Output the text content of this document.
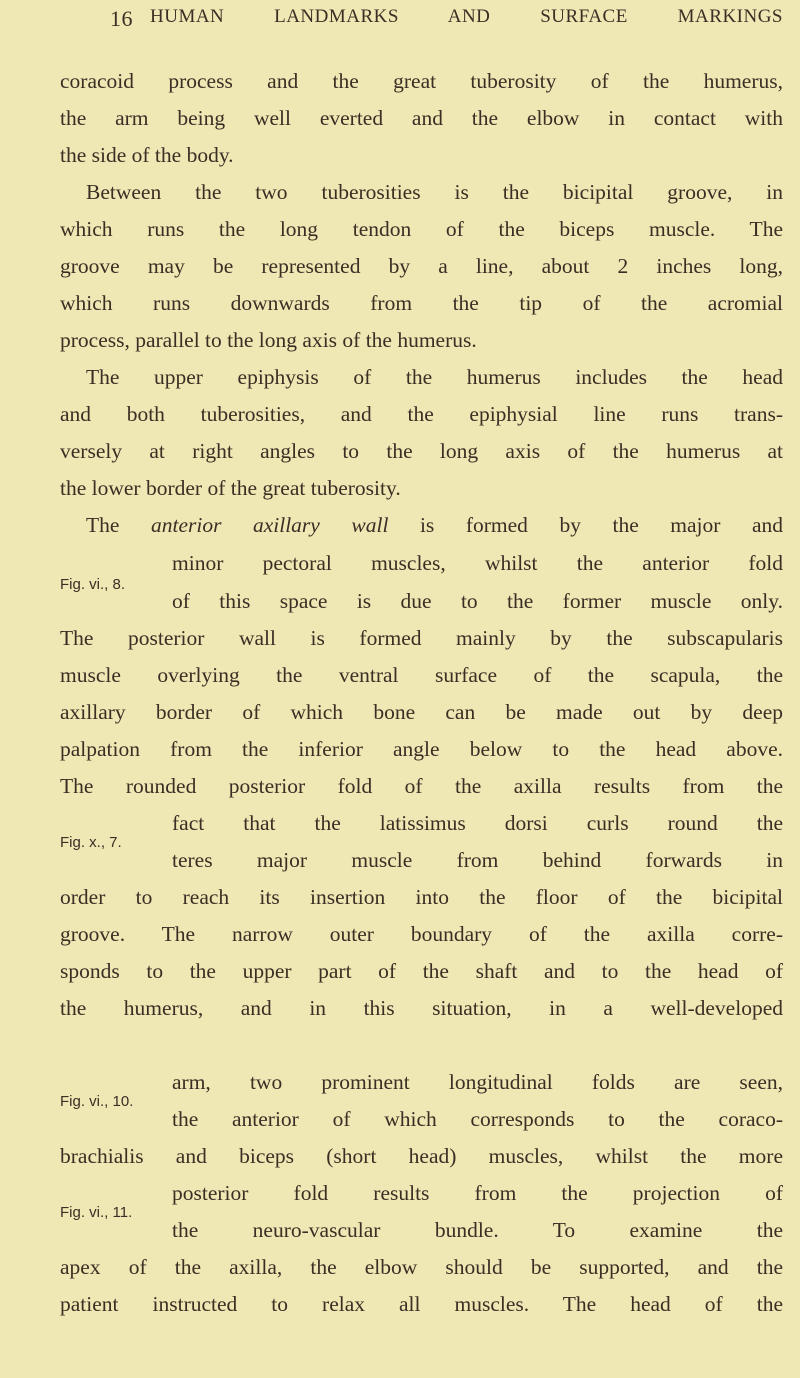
16 HUMAN LANDMARKS AND SURFACE MARKINGS
coracoid process and the great tuberosity of the humerus,
the arm being well everted and the elbow in contact with
the side of the body.
Between the two tuberosities is the bicipital groove, in
which runs the long tendon of the biceps muscle. The
groove may be represented by a line, about 2 inches long,
which runs downwards from the tip of the acromial
process, parallel to the long axis of the humerus.
The upper epiphysis of the humerus includes the head
and both tuberosities, and the epiphysial line runs trans-
versely at right angles to the long axis of the humerus at
the lower border of the great tuberosity.
The anterior axillary wall is formed by the major and
Fig. vi., 8.
minor pectoral muscles, whilst the anterior fold
of this space is due to the former muscle only.
The posterior wall is formed mainly by the subscapularis
muscle overlying the ventral surface of the scapula, the
axillary border of which bone can be made out by deep
palpation from the inferior angle below to the head above.
The rounded posterior fold of the axilla results from the
Fig. x., 7.
fact that the latissimus dorsi curls round the
teres major muscle from behind forwards in
order to reach its insertion into the floor of the bicipital
groove. The narrow outer boundary of the axilla corre-
sponds to the upper part of the shaft and to the head of
the humerus, and in this situation, in a well-developed
Fig. vi., 10.
arm, two prominent longitudinal folds are seen,
the anterior of which corresponds to the coraco-
brachialis and biceps (short head) muscles, whilst the more
Fig. vi., 11.
posterior fold results from the projection of
the neuro-vascular bundle. To examine the
apex of the axilla, the elbow should be supported, and the
patient instructed to relax all muscles. The head of the
